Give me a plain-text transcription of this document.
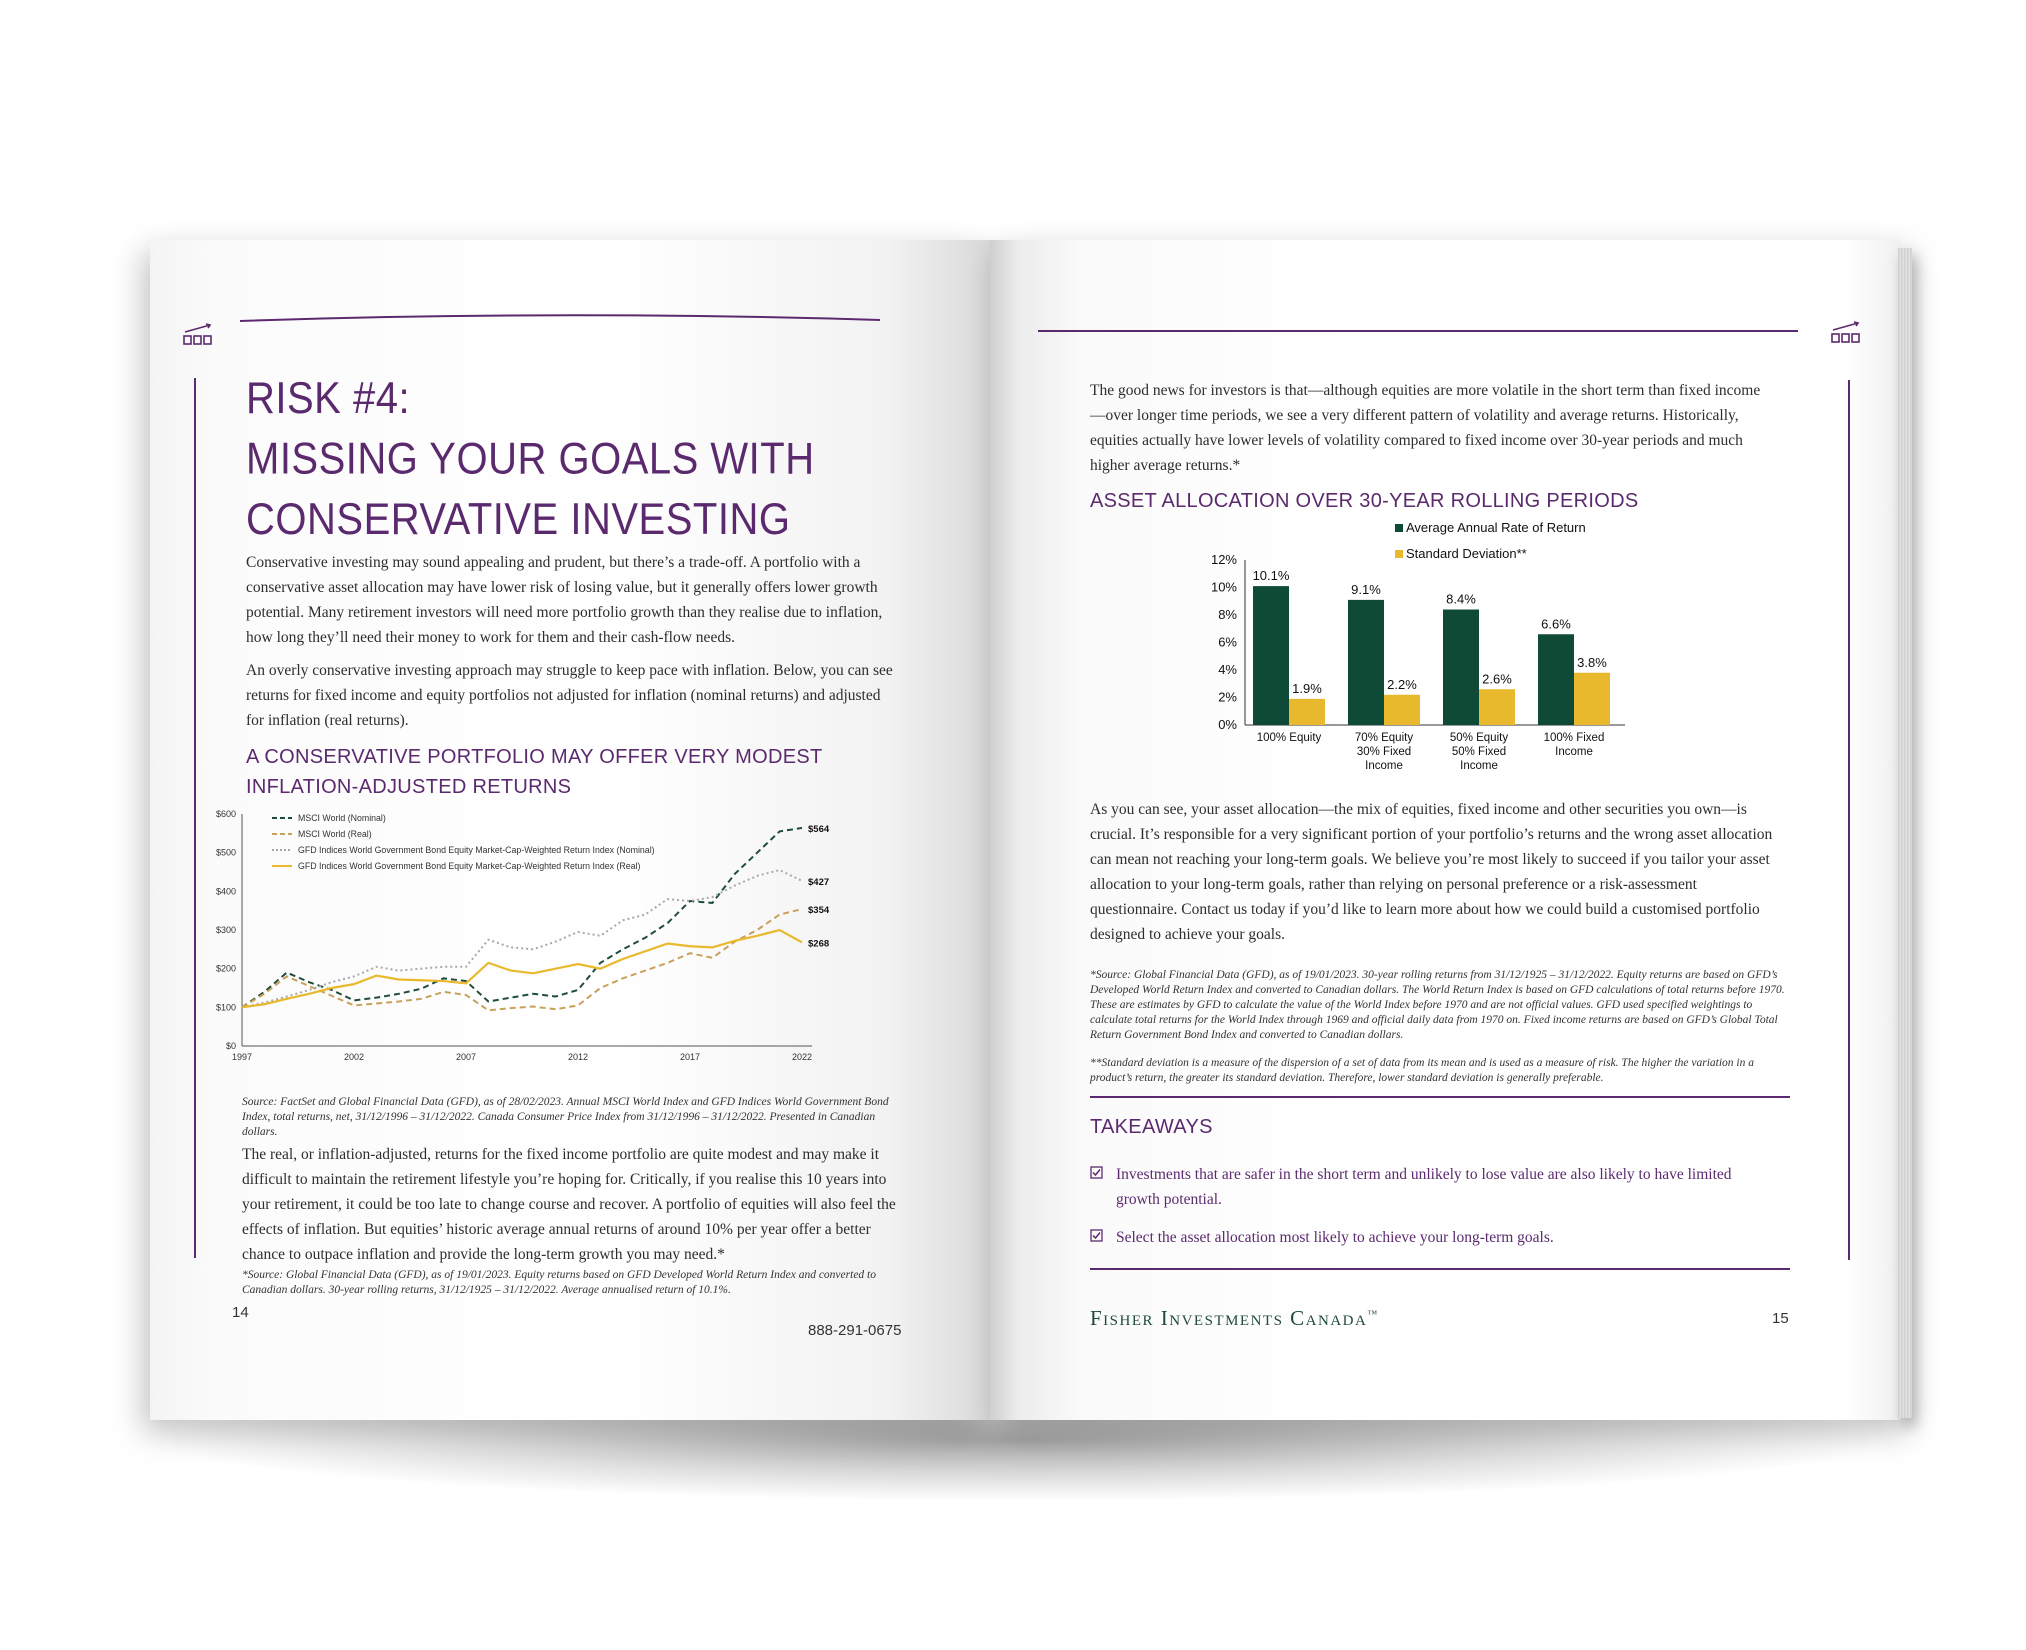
RISK #4:
MISSING YOUR GOALS WITH
CONSERVATIVE INVESTING
Conservative investing may sound appealing and prudent, but there’s a trade-off. A portfolio with a conservative asset allocation may have lower risk of losing value, but it generally offers lower growth potential. Many retirement investors will need more portfolio growth than they realise due to inflation, how long they’ll need their money to work for them and their cash-flow needs.
An overly conservative investing approach may struggle to keep pace with inflation. Below, you can see returns for fixed income and equity portfolios not adjusted for inflation (nominal returns) and adjusted for inflation (real returns).
A CONSERVATIVE PORTFOLIO MAY OFFER VERY MODEST INFLATION-ADJUSTED RETURNS
$0
$100
$200
$300
$400
$500
$600
1997	2002	2007	2012	2017	2022
$564
$354
$427
$268
MSCI World (Nominal)
MSCI World (Real)
GFD Indices World Government Bond Equity Market-Cap-Weighted Return Index (Nominal)
GFD Indices World Government Bond Equity Market-Cap-Weighted Return Index (Real)
Source: FactSet and Global Financial Data (GFD), as of 28/02/2023. Annual MSCI World Index and GFD Indices World Government Bond Index, total returns, net, 31/12/1996 – 31/12/2022. Canada Consumer Price Index from 31/12/1996 – 31/12/2022. Presented in Canadian dollars.
The real, or inflation-adjusted, returns for the fixed income portfolio are quite modest and may make it difficult to maintain the retirement lifestyle you’re hoping for. Critically, if you realise this 10 years into your retirement, it could be too late to change course and recover. A portfolio of equities will also feel the effects of inflation. But equities’ historic average annual returns of around 10% per year offer a better chance to outpace inflation and provide the long-term growth you may need.*
*Source: Global Financial Data (GFD), as of 19/01/2023. Equity returns based on GFD Developed World Return Index and converted to Canadian dollars. 30-year rolling returns, 31/12/1925 – 31/12/2022. Average annualised return of 10.1%.
14
888-291-0675
The good news for investors is that—although equities are more volatile in the short term than fixed income—over longer time periods, we see a very different pattern of volatility and average returns. Historically, equities actually have lower levels of volatility compared to fixed income over 30-year periods and much higher average returns.*
ASSET ALLOCATION OVER 30-YEAR ROLLING PERIODS
Average Annual Rate of Return
Standard Deviation**
0%
2%
4%
6%
8%
10%
12%
10.1%
1.9%
100% Equity
9.1%
2.2%
70% Equity
30% Fixed
Income
8.4%
2.6%
50% Equity
50% Fixed
Income
6.6%
3.8%
100% Fixed
Income
As you can see, your asset allocation—the mix of equities, fixed income and other securities you own—is crucial. It’s responsible for a very significant portion of your portfolio’s returns and the wrong asset allocation can mean not reaching your long-term goals. We believe you’re most likely to succeed if you tailor your asset allocation to your long-term goals, rather than relying on personal preference or a risk-assessment questionnaire. Contact us today if you’d like to learn more about how we could build a customised portfolio designed to achieve your goals.
*Source: Global Financial Data (GFD), as of 19/01/2023. 30-year rolling returns from 31/12/1925 – 31/12/2022. Equity returns are based on GFD’s Developed World Return Index and converted to Canadian dollars. The World Return Index is based on GFD calculations of total returns before 1970. These are estimates by GFD to calculate the value of the World Index before 1970 and are not official values. GFD used specified weightings to calculate total returns for the World Index through 1969 and official daily data from 1970 on. Fixed income returns are based on GFD’s Global Total Return Government Bond Index and converted to Canadian dollars.
**Standard deviation is a measure of the dispersion of a set of data from its mean and is used as a measure of risk. The higher the variation in a product’s return, the greater its standard deviation. Therefore, lower standard deviation is generally preferable.
TAKEAWAYS
Investments that are safer in the short term and unlikely to lose value are also likely to have limited growth potential.
Select the asset allocation most likely to achieve your long-term goals.
Fisher Investments Canada™	15
